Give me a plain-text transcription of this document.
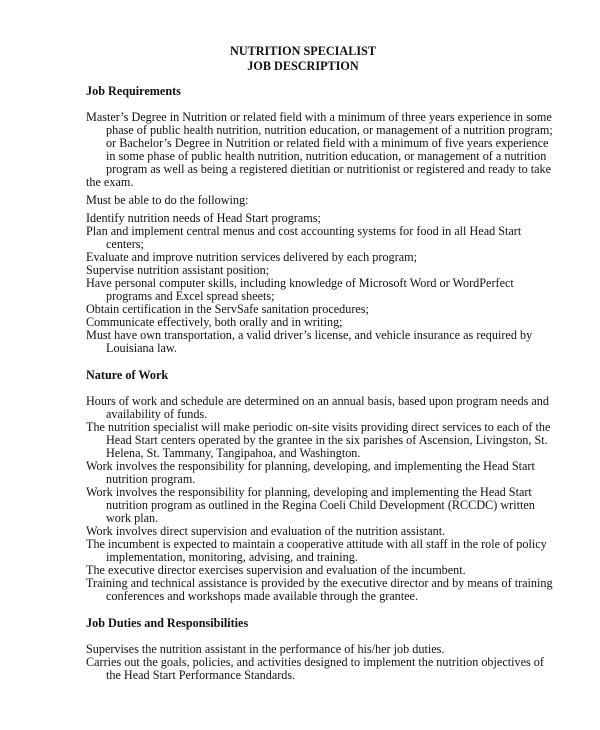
NUTRITION SPECIALIST
JOB DESCRIPTION
Job Requirements
Master’s Degree in Nutrition or related field with a minimum of three years experience in some
phase of public health nutrition, nutrition education, or management of a nutrition program;
or Bachelor’s Degree in Nutrition or related field with a minimum of five years experience
in some phase of public health nutrition, nutrition education, or management of a nutrition
program as well as being a registered dietitian or nutritionist or registered and ready to take
the exam.
Must be able to do the following:
Identify nutrition needs of Head Start programs;
Plan and implement central menus and cost accounting systems for food in all Head Start
centers;
Evaluate and improve nutrition services delivered by each program;
Supervise nutrition assistant position;
Have personal computer skills, including knowledge of Microsoft Word or WordPerfect
programs and Excel spread sheets;
Obtain certification in the ServSafe sanitation procedures;
Communicate effectively, both orally and in writing;
Must have own transportation, a valid driver’s license, and vehicle insurance as required by
Louisiana law.
Nature of Work
Hours of work and schedule are determined on an annual basis, based upon program needs and
availability of funds.
The nutrition specialist will make periodic on-site visits providing direct services to each of the
Head Start centers operated by the grantee in the six parishes of Ascension, Livingston, St.
Helena, St. Tammany, Tangipahoa, and Washington.
Work involves the responsibility for planning, developing, and implementing the Head Start
nutrition program.
Work involves the responsibility for planning, developing and implementing the Head Start
nutrition program as outlined in the Regina Coeli Child Development (RCCDC) written
work plan.
Work involves direct supervision and evaluation of the nutrition assistant.
The incumbent is expected to maintain a cooperative attitude with all staff in the role of policy
implementation, monitoring, advising, and training.
The executive director exercises supervision and evaluation of the incumbent.
Training and technical assistance is provided by the executive director and by means of training
conferences and workshops made available through the grantee.
Job Duties and Responsibilities
Supervises the nutrition assistant in the performance of his/her job duties.
Carries out the goals, policies, and activities designed to implement the nutrition objectives of
the Head Start Performance Standards.
